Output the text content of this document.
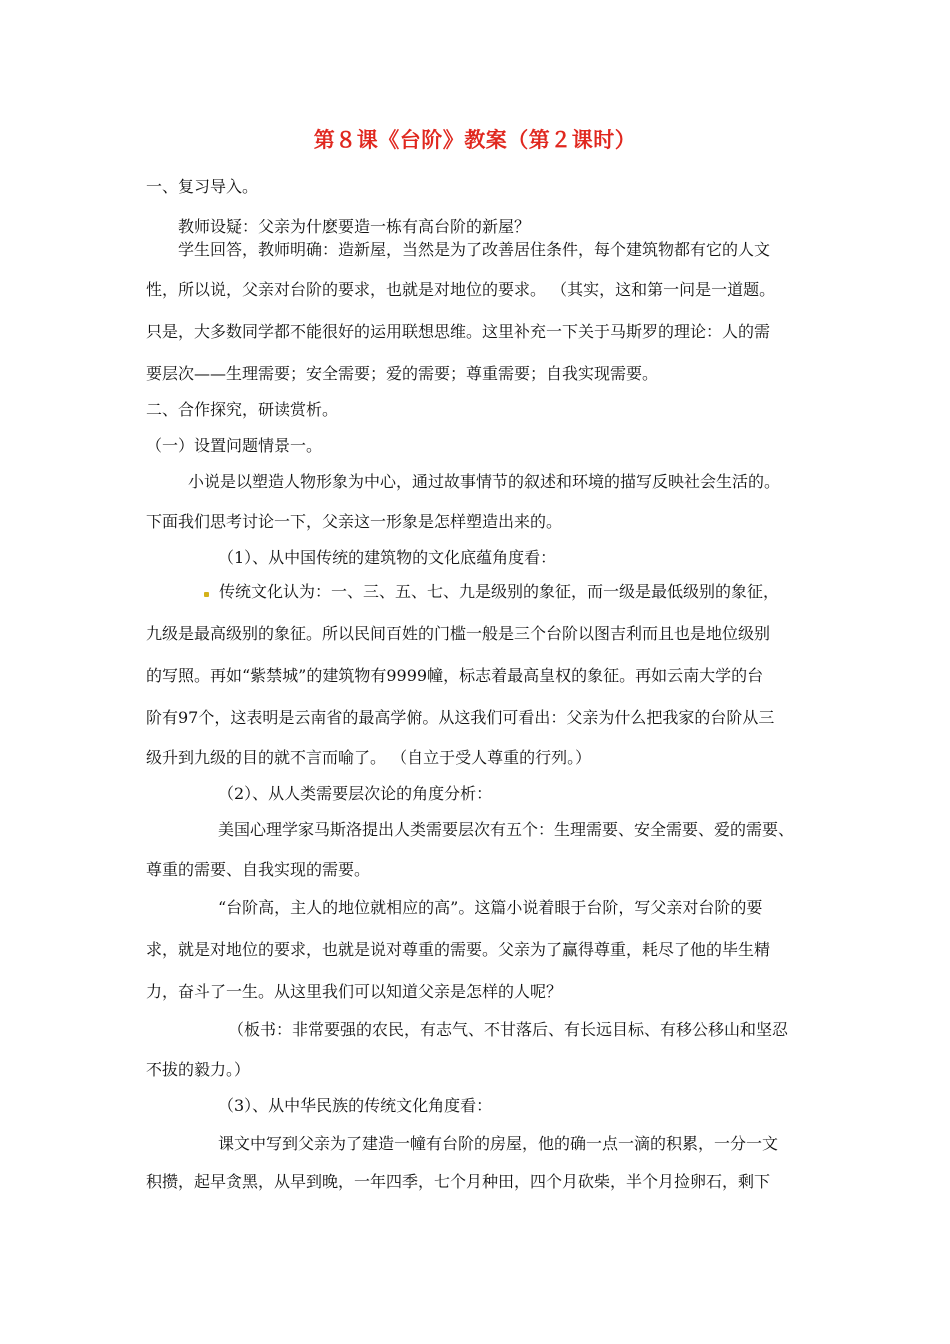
第８课《台阶》教案（第２课时）
一、复习导入。
教师设疑：父亲为什麽要造一栋有高台阶的新屋？
学生回答，教师明确：造新屋，当然是为了改善居住条件，每个建筑物都有它的人文
性，所以说，父亲对台阶的要求，也就是对地位的要求。 （其实，这和第一问是一道题。
只是，大多数同学都不能很好的运用联想思维。这里补充一下关于马斯罗的理论：人的需
要层次——生理需要；安全需要；爱的需要；尊重需要；自我实现需要。
二、合作探究，研读赏析。
（一）设置问题情景一。
小说是以塑造人物形象为中心，通过故事情节的叙述和环境的描写反映社会生活的。
下面我们思考讨论一下，父亲这一形象是怎样塑造出来的。
（1）、从中国传统的建筑物的文化底蕴角度看：
传统文化认为：一、三、五、七、九是级别的象征，而一级是最低级别的象征，
九级是最高级别的象征。所以民间百姓的门槛一般是三个台阶以图吉利而且也是地位级别
的写照。再如“紫禁城”的建筑物有9999幢，标志着最高皇权的象征。再如云南大学的台
阶有97个，这表明是云南省的最高学俯。从这我们可看出：父亲为什么把我家的台阶从三
级升到九级的目的就不言而喻了。 （自立于受人尊重的行列。）
（2）、从人类需要层次论的角度分析：
美国心理学家马斯洛提出人类需要层次有五个：生理需要、安全需要、爱的需要、
尊重的需要、自我实现的需要。
“台阶高，主人的地位就相应的高”。这篇小说着眼于台阶，写父亲对台阶的要
求，就是对地位的要求，也就是说对尊重的需要。父亲为了赢得尊重，耗尽了他的毕生精
力，奋斗了一生。从这里我们可以知道父亲是怎样的人呢？
（板书：非常要强的农民，有志气、不甘落后、有长远目标、有移公移山和坚忍
不拔的毅力。）
（3）、从中华民族的传统文化角度看：
课文中写到父亲为了建造一幢有台阶的房屋，他的确一点一滴的积累，一分一文
积攒，起早贪黑，从早到晚，一年四季，七个月种田，四个月砍柴，半个月捡卵石，剩下
